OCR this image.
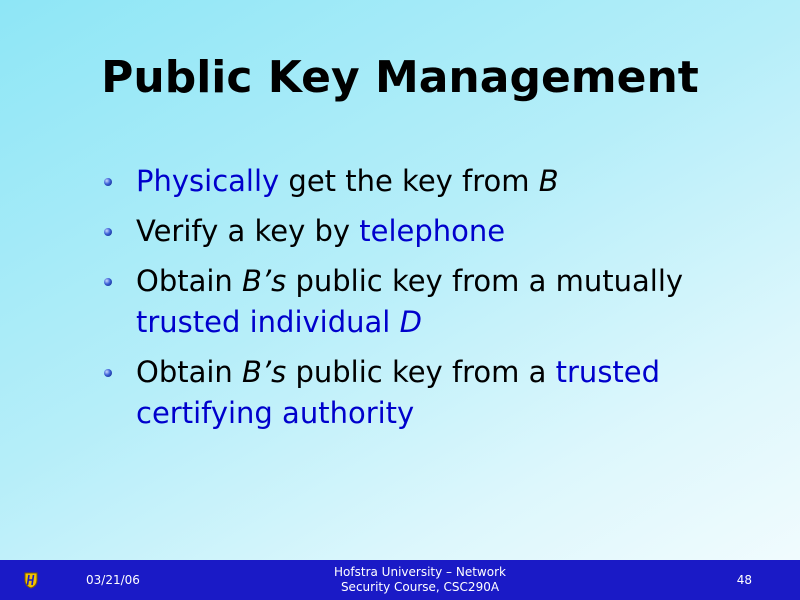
Public Key Management
Physically get the key from B
Verify a key by telephone
Obtain B’s public key from a mutually trusted individual D
Obtain B’s public key from a trusted certifying authority
03/21/06
Hofstra University – Network
Security Course, CSC290A	48
